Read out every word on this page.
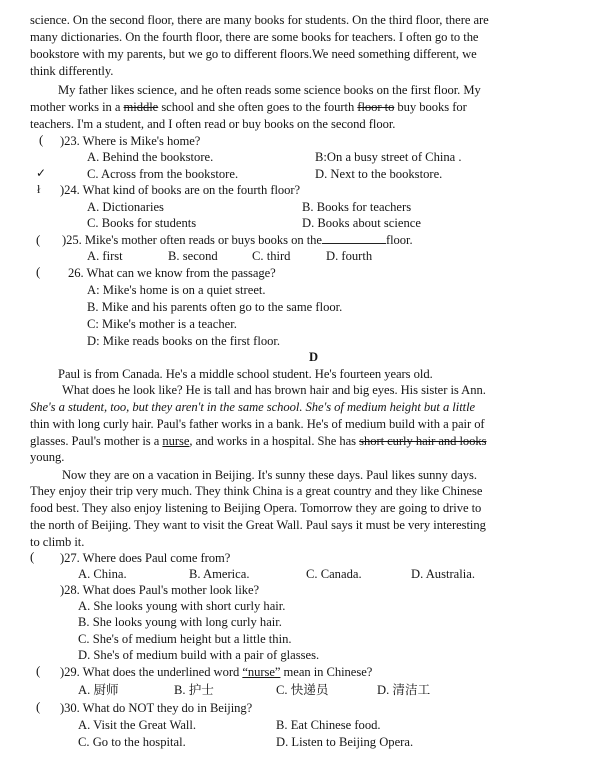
science. On the second floor, there are many books for students. On the third floor, there are
many dictionaries. On the fourth floor, there are some books for teachers. I often go to the
bookstore with my parents, but we go to different floors.We need something different, we
think differently.
My father likes science, and he often reads some science books on the first floor. My
mother works in a middle school and she often goes to the fourth floor to buy books for
teachers. I'm a student, and I often read or buy books on the second floor.
( )23. Where is Mike's home?
A. Behind the bookstore.	B:On a busy street of China .
✓	C. Across from the bookstore.	D. Next to the bookstore.
ł )24. What kind of books are on the fourth floor?
A. Dictionaries	B. Books for teachers
C. Books for students	D. Books about science
( )25. Mike's mother often reads or buys books on the	floor.
A. first	B. second	C. third	D. fourth
( 26. What can we know from the passage?
A: Mike's home is on a quiet street.
B. Mike and his parents often go to the same floor.
C: Mike's mother is a teacher.
D: Mike reads books on the first floor.
D
Paul is from Canada. He's a middle school student. He's fourteen years old.
What does he look like? He is tall and has brown hair and big eyes. His sister is Ann.
She's a student, too, but they aren't in the same school. She's of medium height but a little
thin with long curly hair. Paul's father works in a bank. He's of medium build with a pair of
glasses. Paul's mother is a nurse, and works in a hospital. She has short curly hair and looks
young.
Now they are on a vacation in Beijing. It's sunny these days. Paul likes sunny days.
They enjoy their trip very much. They think China is a great country and they like Chinese
food best. They also enjoy listening to Beijing Opera. Tomorrow they are going to drive to
the north of Beijing. They want to visit the Great Wall. Paul says it must be very interesting
to climb it.
( )27. Where does Paul come from?
A. China.	B. America.	C. Canada.	D. Australia.
)28. What does Paul's mother look like?
A. She looks young with short curly hair.
B. She looks young with long curly hair.
C. She's of medium height but a little thin.
D. She's of medium build with a pair of glasses.
( )29. What does the underlined word “nurse” mean in Chinese?
A. 厨师	B. 护士	C. 快递员	D. 清洁工
( )30. What do NOT they do in Beijing?
A. Visit the Great Wall.	B. Eat Chinese food.
C. Go to the hospital.	D. Listen to Beijing Opera.
